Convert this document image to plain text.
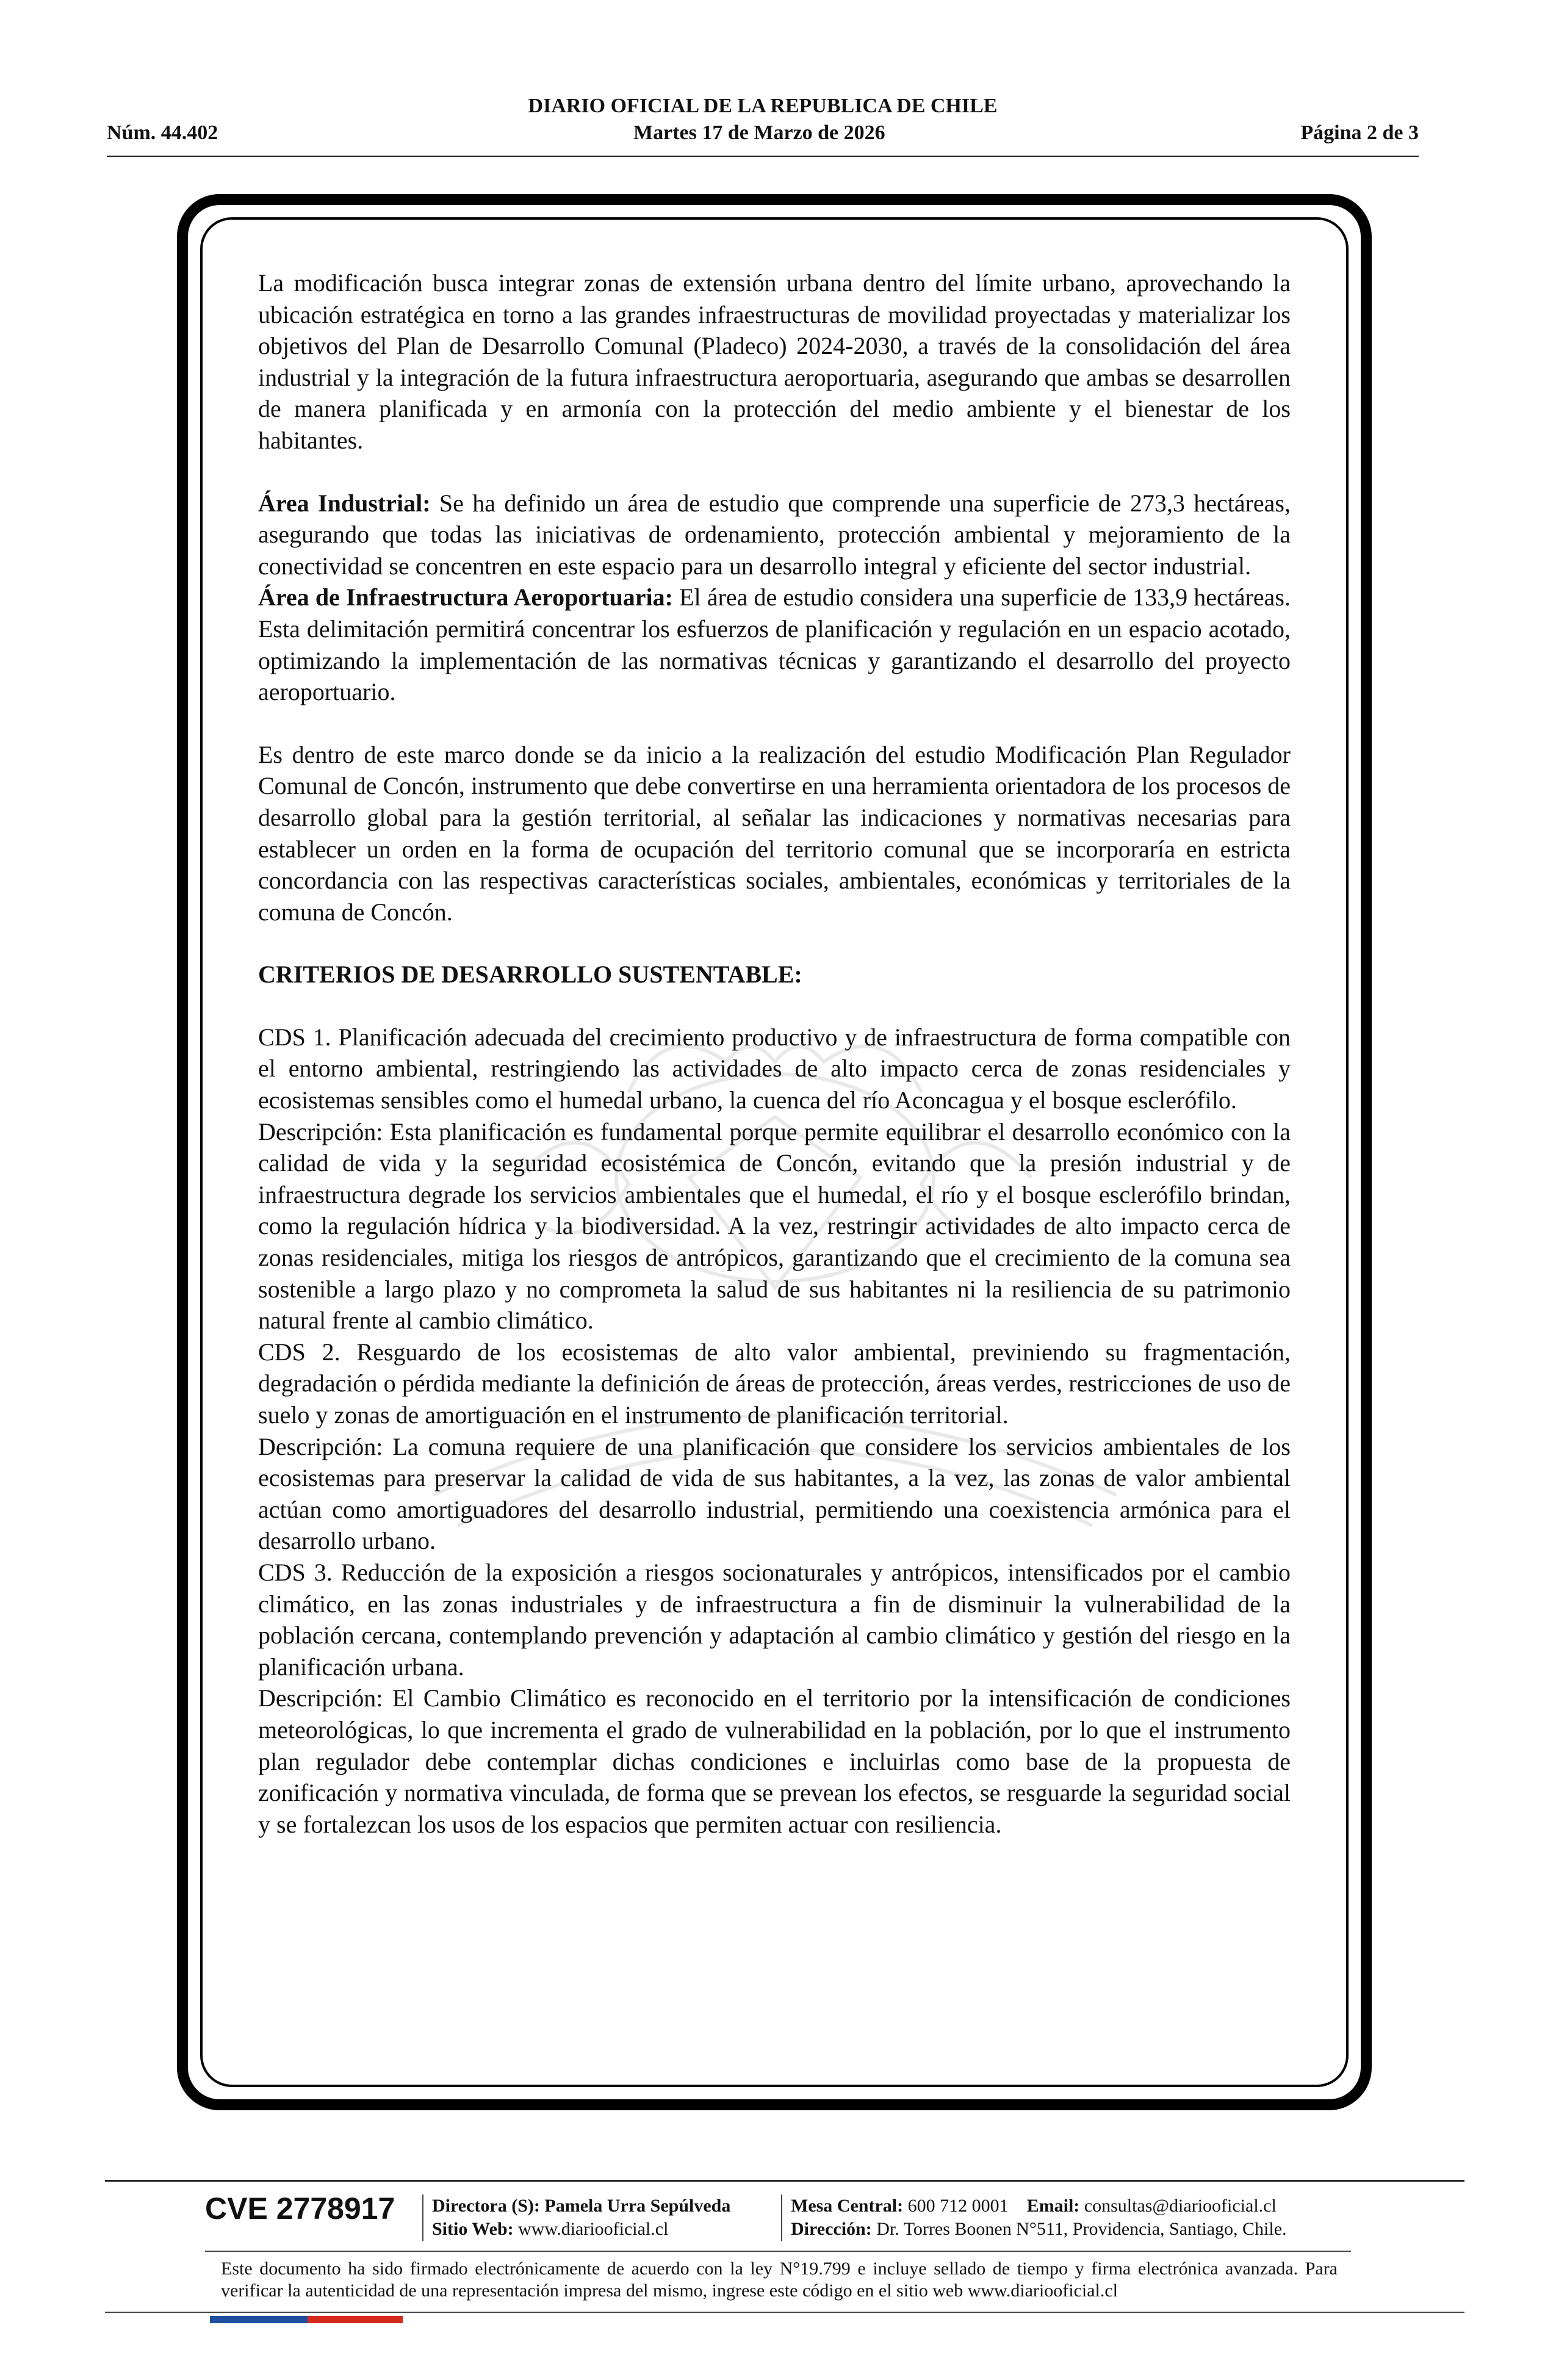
DIARIO OFICIAL DE LA REPUBLICA DE CHILE
Núm. 44.402	Martes 17 de Marzo de 2026	Página 2 de 3

La modificación busca integrar zonas de extensión urbana dentro del límite urbano, aprovechando la ubicación estratégica en torno a las grandes infraestructuras de movilidad proyectadas y materializar los objetivos del Plan de Desarrollo Comunal (Pladeco) 2024-2030, a través de la consolidación del área industrial y la integración de la futura infraestructura aeroportuaria, asegurando que ambas se desarrollen de manera planificada y en armonía con la protección del medio ambiente y el bienestar de los habitantes.

Área Industrial: Se ha definido un área de estudio que comprende una superficie de 273,3 hectáreas, asegurando que todas las iniciativas de ordenamiento, protección ambiental y mejoramiento de la conectividad se concentren en este espacio para un desarrollo integral y eficiente del sector industrial.

Área de Infraestructura Aeroportuaria: El área de estudio considera una superficie de 133,9 hectáreas. Esta delimitación permitirá concentrar los esfuerzos de planificación y regulación en un espacio acotado, optimizando la implementación de las normativas técnicas y garantizando el desarrollo del proyecto aeroportuario.

Es dentro de este marco donde se da inicio a la realización del estudio Modificación Plan Regulador Comunal de Concón, instrumento que debe convertirse en una herramienta orientadora de los procesos de desarrollo global para la gestión territorial, al señalar las indicaciones y normativas necesarias para establecer un orden en la forma de ocupación del territorio comunal que se incorporaría en estricta concordancia con las respectivas características sociales, ambientales, económicas y territoriales de la comuna de Concón.

CRITERIOS DE DESARROLLO SUSTENTABLE:

CDS 1. Planificación adecuada del crecimiento productivo y de infraestructura de forma compatible con el entorno ambiental, restringiendo las actividades de alto impacto cerca de zonas residenciales y ecosistemas sensibles como el humedal urbano, la cuenca del río Aconcagua y el bosque esclerófilo.

Descripción: Esta planificación es fundamental porque permite equilibrar el desarrollo económico con la calidad de vida y la seguridad ecosistémica de Concón, evitando que la presión industrial y de infraestructura degrade los servicios ambientales que el humedal, el río y el bosque esclerófilo brindan, como la regulación hídrica y la biodiversidad. A la vez, restringir actividades de alto impacto cerca de zonas residenciales, mitiga los riesgos de antrópicos, garantizando que el crecimiento de la comuna sea sostenible a largo plazo y no comprometa la salud de sus habitantes ni la resiliencia de su patrimonio natural frente al cambio climático.

CDS 2. Resguardo de los ecosistemas de alto valor ambiental, previniendo su fragmentación, degradación o pérdida mediante la definición de áreas de protección, áreas verdes, restricciones de uso de suelo y zonas de amortiguación en el instrumento de planificación territorial.

Descripción: La comuna requiere de una planificación que considere los servicios ambientales de los ecosistemas para preservar la calidad de vida de sus habitantes, a la vez, las zonas de valor ambiental actúan como amortiguadores del desarrollo industrial, permitiendo una coexistencia armónica para el desarrollo urbano.

CDS 3. Reducción de la exposición a riesgos socionaturales y antrópicos, intensificados por el cambio climático, en las zonas industriales y de infraestructura a fin de disminuir la vulnerabilidad de la población cercana, contemplando prevención y adaptación al cambio climático y gestión del riesgo en la planificación urbana.

Descripción: El Cambio Climático es reconocido en el territorio por la intensificación de condiciones meteorológicas, lo que incrementa el grado de vulnerabilidad en la población, por lo que el instrumento plan regulador debe contemplar dichas condiciones e incluirlas como base de la propuesta de zonificación y normativa vinculada, de forma que se prevean los efectos, se resguarde la seguridad social y se fortalezcan los usos de los espacios que permiten actuar con resiliencia.

CVE 2778917 Directora (S): Pamela Urra Sepúlveda
Sitio Web: www.diariooficial.cl
Mesa Central: 600 712 0001 Email: consultas@diariooficial.cl
Dirección: Dr. Torres Boonen N°511, Providencia, Santiago, Chile.
Este documento ha sido firmado electrónicamente de acuerdo con la ley N°19.799 e incluye sellado de tiempo y firma electrónica avanzada. Para verificar la autenticidad de una representación impresa del mismo, ingrese este código en el sitio web www.diariooficial.cl
